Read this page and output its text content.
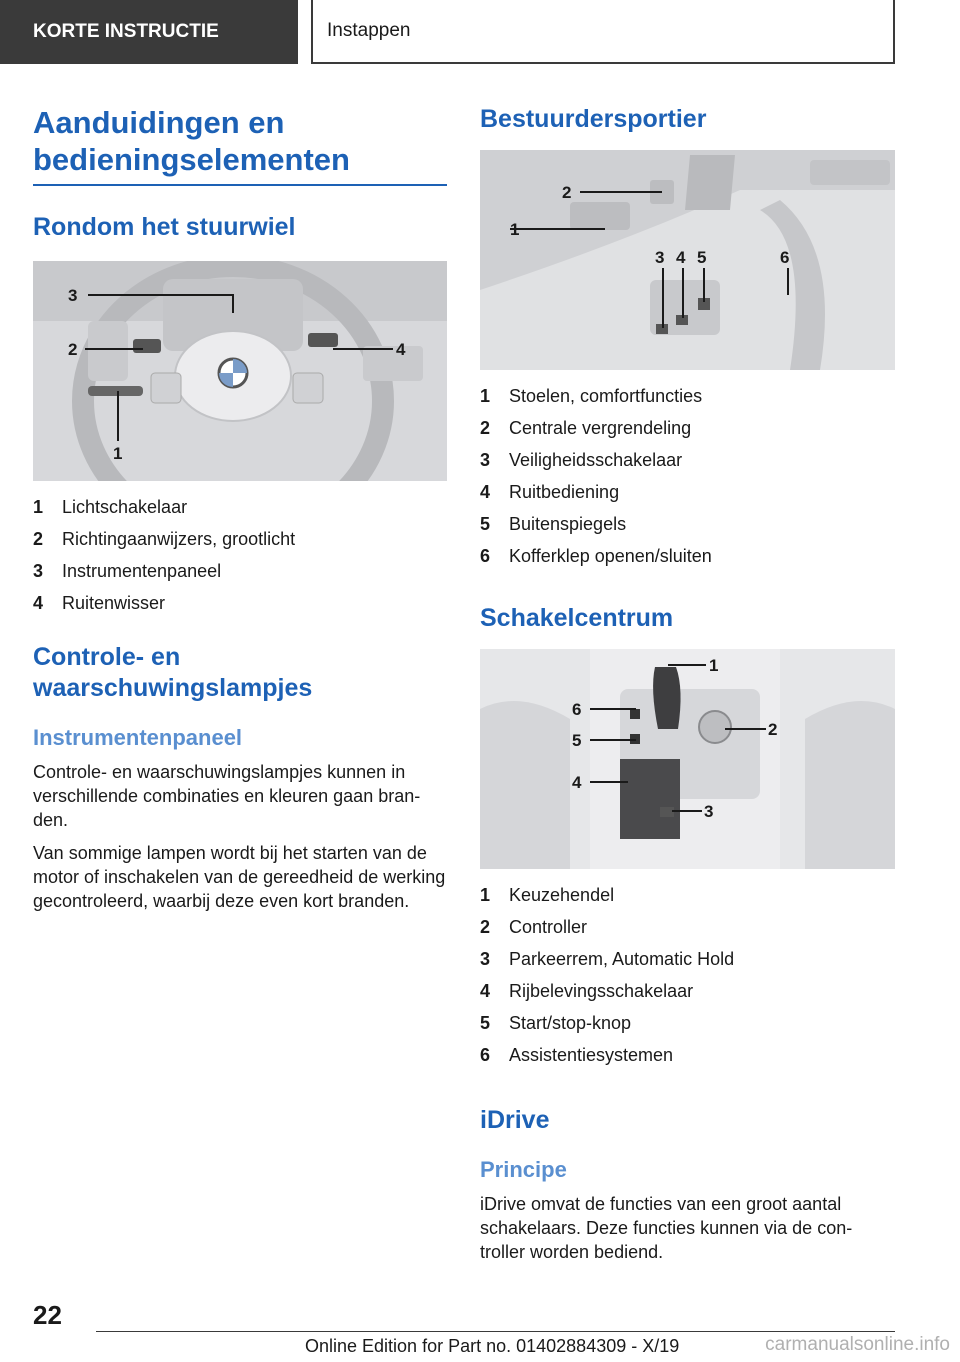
KORTE INSTRUCTIE	Instappen
Aanduidingen en bedieningselementen
Rondom het stuurwiel
3
2	4
1
1	Lichtschakelaar
2	Richtingaanwijzers, grootlicht
3	Instrumentenpaneel
4	Ruitenwisser
Controle- en waarschuwingslampjes
Instrumentenpaneel

Controle- en waarschuwingslampjes kunnen in verschillende combinaties en kleuren gaan bran-den.

Van sommige lampen wordt bij het starten van de motor of inschakelen van de gereedheid de werking gecontroleerd, waarbij deze even kort branden.

Bestuurdersportier
2
1
3 4 5	6
1	Stoelen, comfortfuncties
2	Centrale vergrendeling
3	Veiligheidsschakelaar
4	Ruitbediening
5	Buitenspiegels
6	Kofferklep openen/sluiten
Schakelcentrum
1
6
5
4
2
3
1	Keuzehendel
2	Controller
3	Parkeerrem, Automatic Hold
4	Rijbelevingsschakelaar
5	Start/stop-knop
6	Assistentiesystemen
iDrive
Principe

iDrive omvat de functies van een groot aantal schakelaars. Deze functies kunnen via de con-troller worden bediend.

22
Online Edition for Part no. 01402884309 - X/19	carmanualsonline.info
